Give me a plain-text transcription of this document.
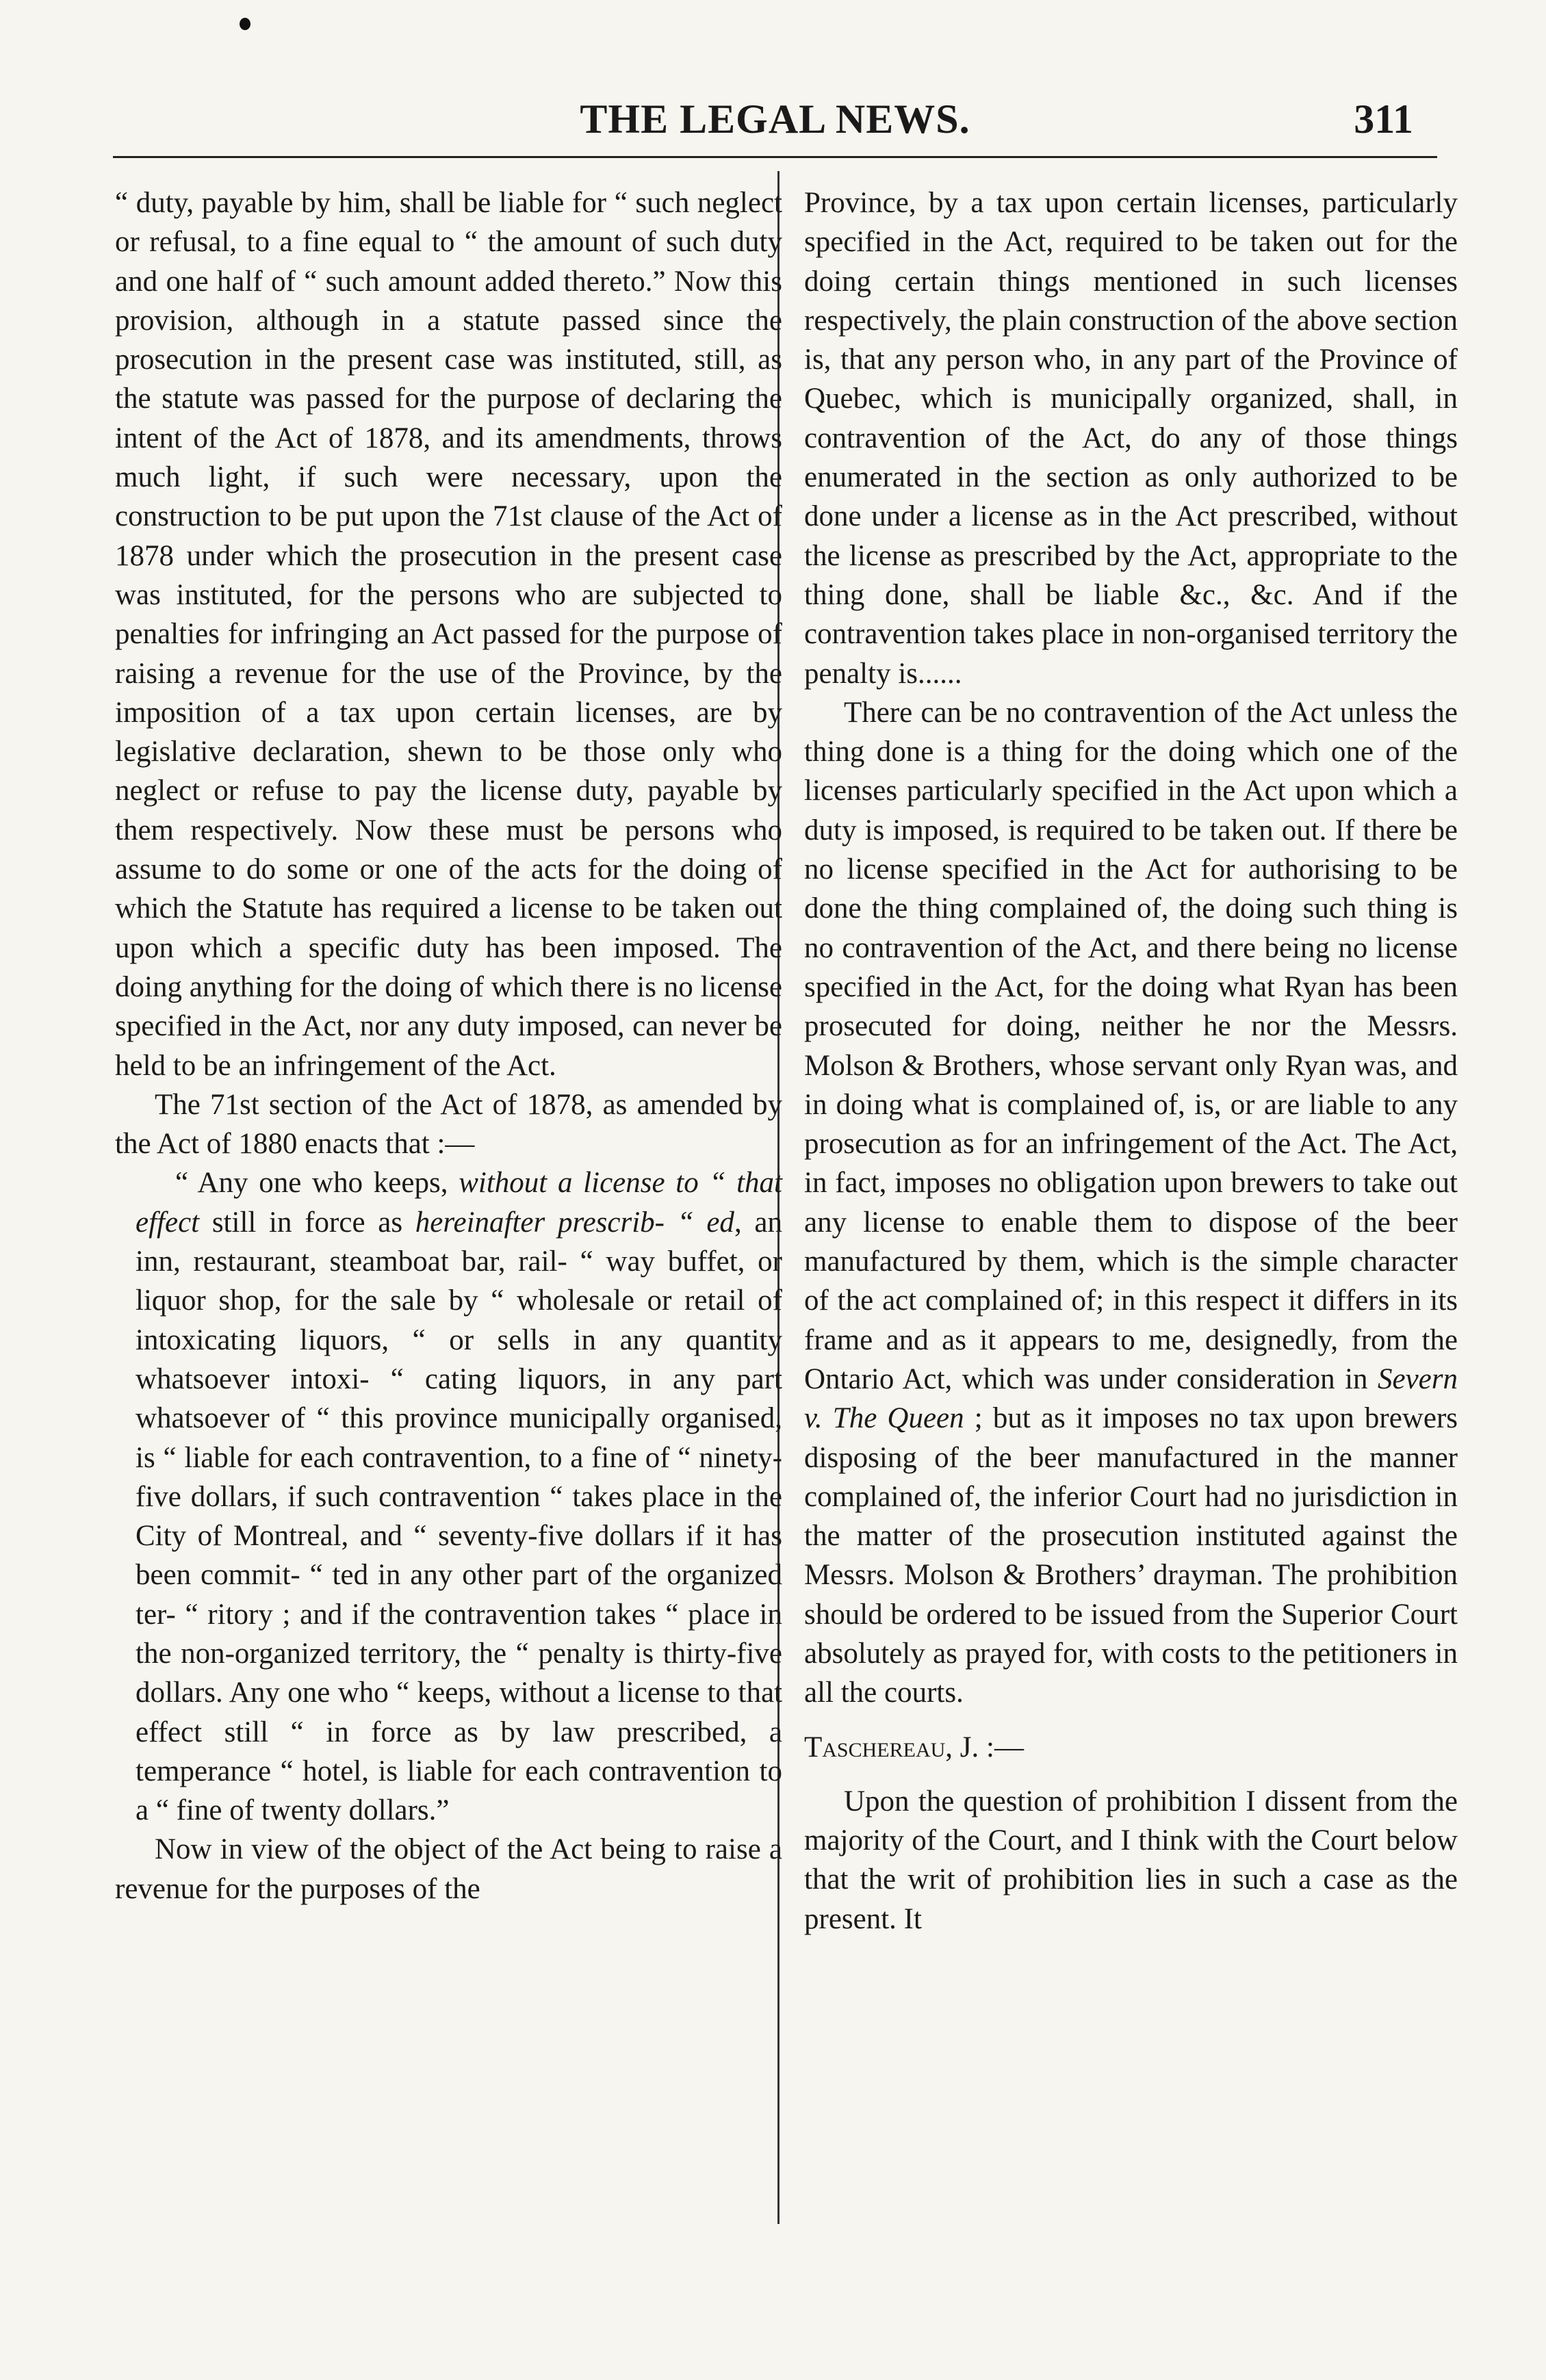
THE LEGAL NEWS.	311

“ duty, payable by him, shall be liable for “ such neglect or refusal, to a fine equal to “ the amount of such duty and one half of “ such amount added thereto.” Now this provision, although in a statute passed since the prosecution in the present case was instituted, still, as the statute was passed for the purpose of declaring the intent of the Act of 1878, and its amendments, throws much light, if such were necessary, upon the construction to be put upon the 71st clause of the Act of 1878 under which the prosecution in the present case was instituted, for the persons who are subjected to penalties for infringing an Act passed for the purpose of raising a revenue for the use of the Province, by the imposition of a tax upon certain licenses, are by legislative declaration, shewn to be those only who neglect or refuse to pay the license duty, payable by them respectively. Now these must be persons who assume to do some or one of the acts for the doing of which the Statute has required a license to be taken out upon which a specific duty has been imposed. The doing anything for the doing of which there is no license specified in the Act, nor any duty imposed, can never be held to be an infringement of the Act.

The 71st section of the Act of 1878, as amended by the Act of 1880 enacts that :—

“ Any one who keeps, without a license to “ that effect still in force as hereinafter prescrib- “ ed, an inn, restaurant, steamboat bar, rail- “ way buffet, or liquor shop, for the sale by “ wholesale or retail of intoxicating liquors, “ or sells in any quantity whatsoever intoxi- “ cating liquors, in any part whatsoever of “ this province municipally organised, is “ liable for each contravention, to a fine of “ ninety-five dollars, if such contravention “ takes place in the City of Montreal, and “ seventy-five dollars if it has been commit- “ ted in any other part of the organized ter- “ ritory ; and if the contravention takes “ place in the non-organized territory, the “ penalty is thirty-five dollars. Any one who “ keeps, without a license to that effect still “ in force as by law prescribed, a temperance “ hotel, is liable for each contravention to a “ fine of twenty dollars.”

Now in view of the object of the Act being to raise a revenue for the purposes of the

Province, by a tax upon certain licenses, particularly specified in the Act, required to be taken out for the doing certain things mentioned in such licenses respectively, the plain construction of the above section is, that any person who, in any part of the Province of Quebec, which is municipally organized, shall, in contravention of the Act, do any of those things enumerated in the section as only authorized to be done under a license as in the Act prescribed, without the license as prescribed by the Act, appropriate to the thing done, shall be liable &c., &c. And if the contravention takes place in non-organised territory the penalty is......

There can be no contravention of the Act unless the thing done is a thing for the doing which one of the licenses particularly specified in the Act upon which a duty is imposed, is required to be taken out. If there be no license specified in the Act for authorising to be done the thing complained of, the doing such thing is no contravention of the Act, and there being no license specified in the Act, for the doing what Ryan has been prosecuted for doing, neither he nor the Messrs. Molson & Brothers, whose servant only Ryan was, and in doing what is complained of, is, or are liable to any prosecution as for an infringement of the Act. The Act, in fact, imposes no obligation upon brewers to take out any license to enable them to dispose of the beer manufactured by them, which is the simple character of the act complained of; in this respect it differs in its frame and as it appears to me, designedly, from the Ontario Act, which was under consideration in Severn v. The Queen ; but as it imposes no tax upon brewers disposing of the beer manufactured in the manner complained of, the inferior Court had no jurisdiction in the matter of the prosecution instituted against the Messrs. Molson & Brothers’ drayman. The prohibition should be ordered to be issued from the Superior Court absolutely as prayed for, with costs to the petitioners in all the courts.

Taschereau, J. :—

Upon the question of prohibition I dissent from the majority of the Court, and I think with the Court below that the writ of prohibition lies in such a case as the present. It
